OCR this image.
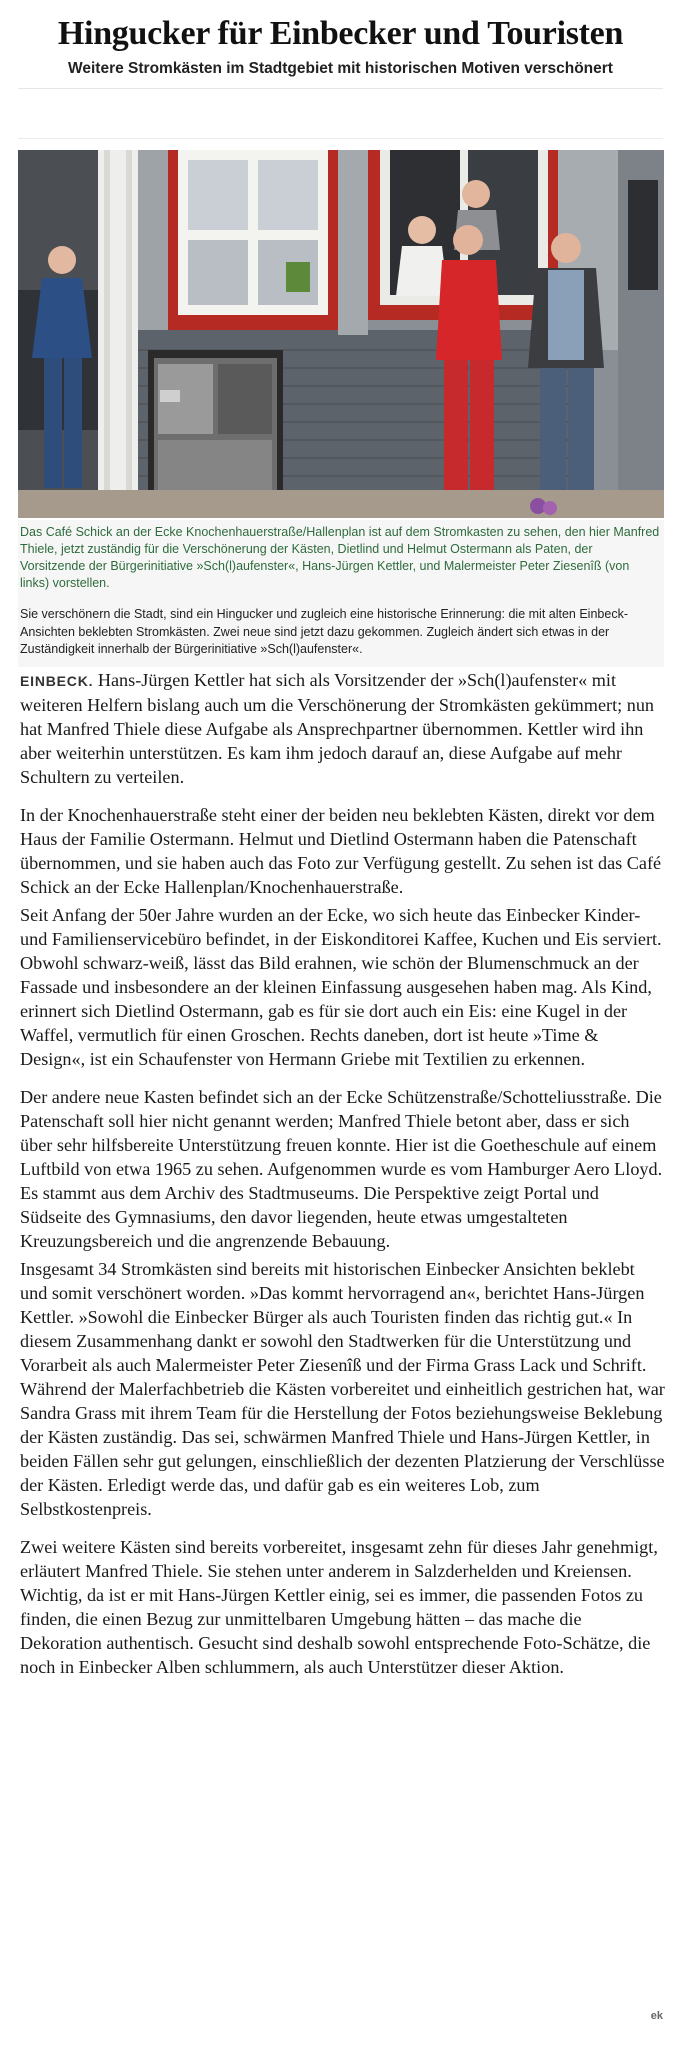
Hingucker für Einbecker und Touristen
Weitere Stromkästen im Stadtgebiet mit historischen Motiven verschönert

Das Café Schick an der Ecke Knochenhauerstraße/Hallenplan ist auf dem Stromkasten zu sehen, den hier Manfred Thiele, jetzt zuständig für die Verschönerung der Kästen, Dietlind und Helmut Ostermann als Paten, der Vorsitzende der Bürgerinitiative »Sch(l)aufenster«, Hans-Jürgen Kettler, und Malermeister Peter Ziesenîß (von links) vorstellen.

Sie verschönern die Stadt, sind ein Hingucker und zugleich eine historische Erinnerung: die mit alten Einbeck-Ansichten beklebten Stromkästen. Zwei neue sind jetzt dazu gekommen. Zugleich ändert sich etwas in der Zuständigkeit innerhalb der Bürgerinitiative »Sch(l)aufenster«.

EINBECK. Hans-Jürgen Kettler hat sich als Vorsitzender der »Sch(l)aufenster« mit weiteren Helfern bislang auch um die Verschönerung der Stromkästen gekümmert; nun hat Manfred Thiele diese Aufgabe als Ansprechpartner übernommen. Kettler wird ihn aber weiterhin unterstützen. Es kam ihm jedoch darauf an, diese Aufgabe auf mehr Schultern zu verteilen.

In der Knochenhauerstraße steht einer der beiden neu beklebten Kästen, direkt vor dem Haus der Familie Ostermann. Helmut und Dietlind Ostermann haben die Patenschaft übernommen, und sie haben auch das Foto zur Verfügung gestellt. Zu sehen ist das Café Schick an der Ecke Hallenplan/Knochenhauerstraße.

Seit Anfang der 50er Jahre wurden an der Ecke, wo sich heute das Einbecker Kinder- und Familienservicebüro befindet, in der Eiskonditorei Kaffee, Kuchen und Eis serviert. Obwohl schwarz-weiß, lässt das Bild erahnen, wie schön der Blumenschmuck an der Fassade und insbesondere an der kleinen Einfassung ausgesehen haben mag. Als Kind, erinnert sich Dietlind Ostermann, gab es für sie dort auch ein Eis: eine Kugel in der Waffel, vermutlich für einen Groschen. Rechts daneben, dort ist heute »Time & Design«, ist ein Schaufenster von Hermann Griebe mit Textilien zu erkennen.

Der andere neue Kasten befindet sich an der Ecke Schützenstraße/Schotteliusstraße. Die Patenschaft soll hier nicht genannt werden; Manfred Thiele betont aber, dass er sich über sehr hilfsbereite Unterstützung freuen konnte. Hier ist die Goetheschule auf einem Luftbild von etwa 1965 zu sehen. Aufgenommen wurde es vom Hamburger Aero Lloyd. Es stammt aus dem Archiv des Stadtmuseums. Die Perspektive zeigt Portal und Südseite des Gymnasiums, den davor liegenden, heute etwas umgestalteten Kreuzungsbereich und die angrenzende Bebauung.

Insgesamt 34 Stromkästen sind bereits mit historischen Einbecker Ansichten beklebt und somit verschönert worden. »Das kommt hervorragend an«, berichtet Hans-Jürgen Kettler. »Sowohl die Einbecker Bürger als auch Touristen finden das richtig gut.« In diesem Zusammenhang dankt er sowohl den Stadtwerken für die Unterstützung und Vorarbeit als auch Malermeister Peter Ziesenîß und der Firma Grass Lack und Schrift. Während der Malerfachbetrieb die Kästen vorbereitet und einheitlich gestrichen hat, war Sandra Grass mit ihrem Team für die Herstellung der Fotos beziehungsweise Beklebung der Kästen zuständig. Das sei, schwärmen Manfred Thiele und Hans-Jürgen Kettler, in beiden Fällen sehr gut gelungen, einschließlich der dezenten Platzierung der Verschlüsse der Kästen. Erledigt werde das, und dafür gab es ein weiteres Lob, zum Selbstkostenpreis.

Zwei weitere Kästen sind bereits vorbereitet, insgesamt zehn für dieses Jahr genehmigt, erläutert Manfred Thiele. Sie stehen unter anderem in Salzderhelden und Kreiensen. Wichtig, da ist er mit Hans-Jürgen Kettler einig, sei es immer, die passenden Fotos zu finden, die einen Bezug zur unmittelbaren Umgebung hätten – das mache die Dekoration authentisch. Gesucht sind deshalb sowohl entsprechende Foto-Schätze, die noch in Einbecker Alben schlummern, als auch Unterstützer dieser Aktion.

ek
